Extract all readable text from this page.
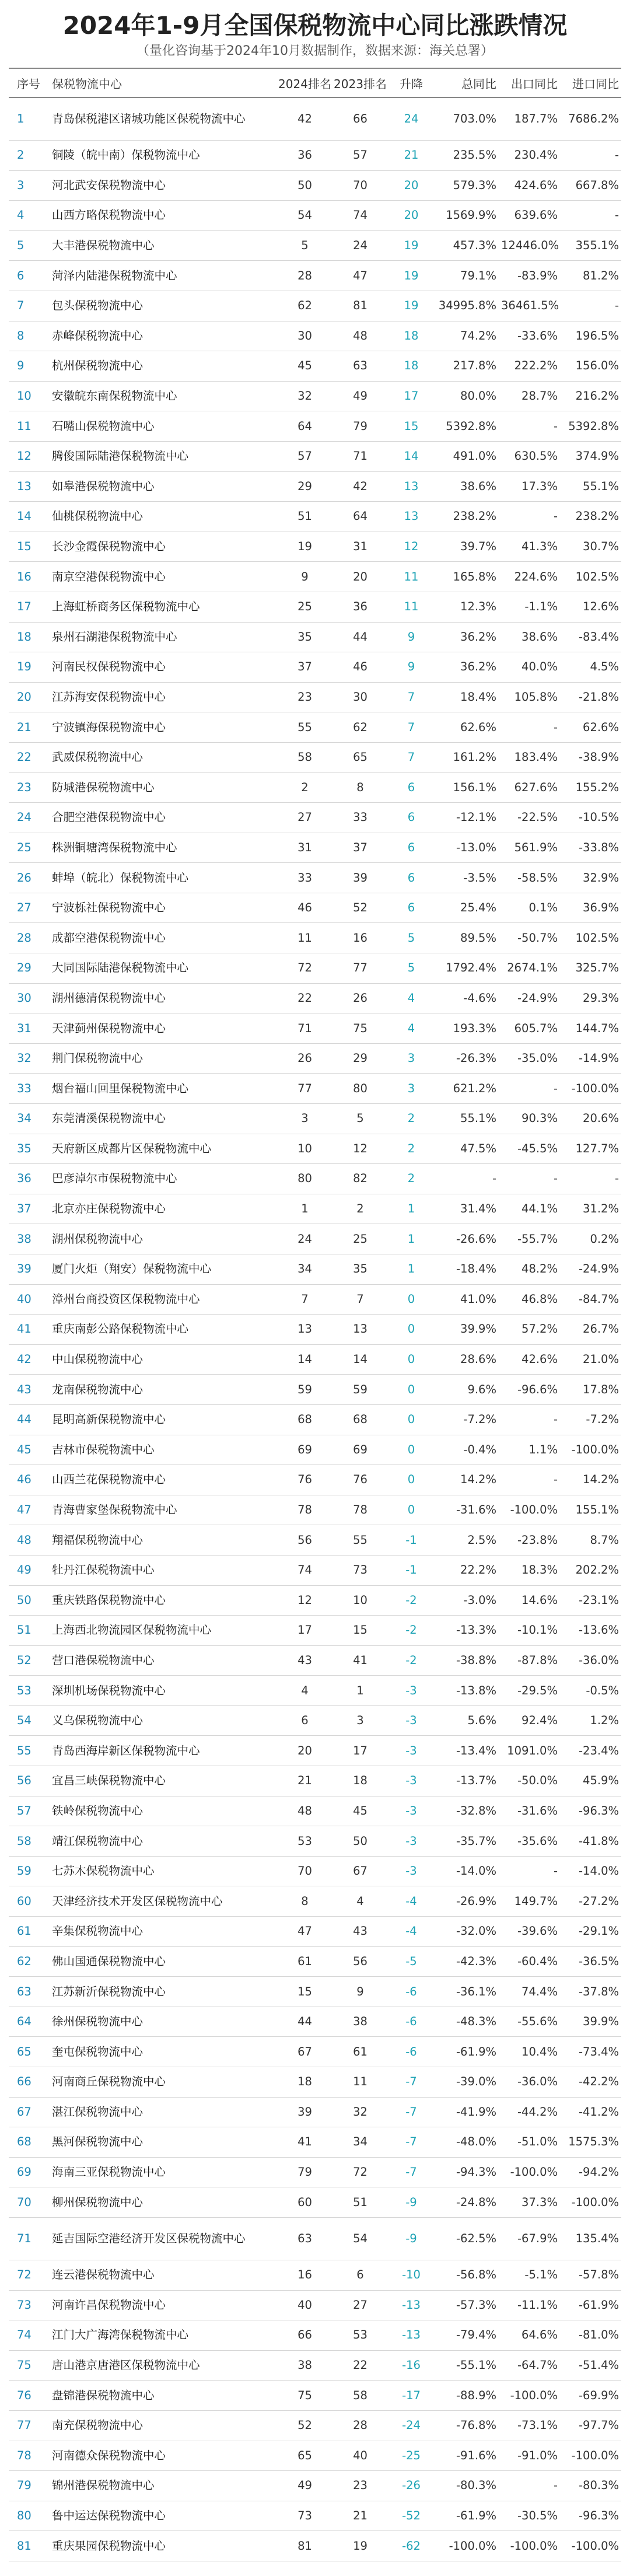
2024年1-9月全国保税物流中心同比涨跌情况
（量化咨询基于2024年10月数据制作，数据来源：海关总署）
序号	保税物流中心	2024排名	2023排名	升降	总同比	出口同比	进口同比
1	青岛保税港区诸城功能区保税物流中心	42	66	24	703.0%	187.7%	7686.2%
2	铜陵（皖中南）保税物流中心	36	57	21	235.5%	230.4%	-
3	河北武安保税物流中心	50	70	20	579.3%	424.6%	667.8%
4	山西方略保税物流中心	54	74	20	1569.9%	639.6%	-
5	大丰港保税物流中心	5	24	19	457.3%	12446.0%	355.1%
6	菏泽内陆港保税物流中心	28	47	19	79.1%	-83.9%	81.2%
7	包头保税物流中心	62	81	19	34995.8%	36461.5%	-
8	赤峰保税物流中心	30	48	18	74.2%	-33.6%	196.5%
9	杭州保税物流中心	45	63	18	217.8%	222.2%	156.0%
10	安徽皖东南保税物流中心	32	49	17	80.0%	28.7%	216.2%
11	石嘴山保税物流中心	64	79	15	5392.8%	-	5392.8%
12	腾俊国际陆港保税物流中心	57	71	14	491.0%	630.5%	374.9%
13	如皋港保税物流中心	29	42	13	38.6%	17.3%	55.1%
14	仙桃保税物流中心	51	64	13	238.2%	-	238.2%
15	长沙金霞保税物流中心	19	31	12	39.7%	41.3%	30.7%
16	南京空港保税物流中心	9	20	11	165.8%	224.6%	102.5%
17	上海虹桥商务区保税物流中心	25	36	11	12.3%	-1.1%	12.6%
18	泉州石湖港保税物流中心	35	44	9	36.2%	38.6%	-83.4%
19	河南民权保税物流中心	37	46	9	36.2%	40.0%	4.5%
20	江苏海安保税物流中心	23	30	7	18.4%	105.8%	-21.8%
21	宁波镇海保税物流中心	55	62	7	62.6%	-	62.6%
22	武威保税物流中心	58	65	7	161.2%	183.4%	-38.9%
23	防城港保税物流中心	2	8	6	156.1%	627.6%	155.2%
24	合肥空港保税物流中心	27	33	6	-12.1%	-22.5%	-10.5%
25	株洲铜塘湾保税物流中心	31	37	6	-13.0%	561.9%	-33.8%
26	蚌埠（皖北）保税物流中心	33	39	6	-3.5%	-58.5%	32.9%
27	宁波栎社保税物流中心	46	52	6	25.4%	0.1%	36.9%
28	成都空港保税物流中心	11	16	5	89.5%	-50.7%	102.5%
29	大同国际陆港保税物流中心	72	77	5	1792.4%	2674.1%	325.7%
30	湖州德清保税物流中心	22	26	4	-4.6%	-24.9%	29.3%
31	天津蓟州保税物流中心	71	75	4	193.3%	605.7%	144.7%
32	荆门保税物流中心	26	29	3	-26.3%	-35.0%	-14.9%
33	烟台福山回里保税物流中心	77	80	3	621.2%	-	-100.0%
34	东莞清溪保税物流中心	3	5	2	55.1%	90.3%	20.6%
35	天府新区成都片区保税物流中心	10	12	2	47.5%	-45.5%	127.7%
36	巴彦淖尔市保税物流中心	80	82	2	-	-	-
37	北京亦庄保税物流中心	1	2	1	31.4%	44.1%	31.2%
38	湖州保税物流中心	24	25	1	-26.6%	-55.7%	0.2%
39	厦门火炬（翔安）保税物流中心	34	35	1	-18.4%	48.2%	-24.9%
40	漳州台商投资区保税物流中心	7	7	0	41.0%	46.8%	-84.7%
41	重庆南彭公路保税物流中心	13	13	0	39.9%	57.2%	26.7%
42	中山保税物流中心	14	14	0	28.6%	42.6%	21.0%
43	龙南保税物流中心	59	59	0	9.6%	-96.6%	17.8%
44	昆明高新保税物流中心	68	68	0	-7.2%	-	-7.2%
45	吉林市保税物流中心	69	69	0	-0.4%	1.1%	-100.0%
46	山西兰花保税物流中心	76	76	0	14.2%	-	14.2%
47	青海曹家堡保税物流中心	78	78	0	-31.6%	-100.0%	155.1%
48	翔福保税物流中心	56	55	-1	2.5%	-23.8%	8.7%
49	牡丹江保税物流中心	74	73	-1	22.2%	18.3%	202.2%
50	重庆铁路保税物流中心	12	10	-2	-3.0%	14.6%	-23.1%
51	上海西北物流园区保税物流中心	17	15	-2	-13.3%	-10.1%	-13.6%
52	营口港保税物流中心	43	41	-2	-38.8%	-87.8%	-36.0%
53	深圳机场保税物流中心	4	1	-3	-13.8%	-29.5%	-0.5%
54	义乌保税物流中心	6	3	-3	5.6%	92.4%	1.2%
55	青岛西海岸新区保税物流中心	20	17	-3	-13.4%	1091.0%	-23.4%
56	宜昌三峡保税物流中心	21	18	-3	-13.7%	-50.0%	45.9%
57	铁岭保税物流中心	48	45	-3	-32.8%	-31.6%	-96.3%
58	靖江保税物流中心	53	50	-3	-35.7%	-35.6%	-41.8%
59	七苏木保税物流中心	70	67	-3	-14.0%	-	-14.0%
60	天津经济技术开发区保税物流中心	8	4	-4	-26.9%	149.7%	-27.2%
61	辛集保税物流中心	47	43	-4	-32.0%	-39.6%	-29.1%
62	佛山国通保税物流中心	61	56	-5	-42.3%	-60.4%	-36.5%
63	江苏新沂保税物流中心	15	9	-6	-36.1%	74.4%	-37.8%
64	徐州保税物流中心	44	38	-6	-48.3%	-55.6%	39.9%
65	奎屯保税物流中心	67	61	-6	-61.9%	10.4%	-73.4%
66	河南商丘保税物流中心	18	11	-7	-39.0%	-36.0%	-42.2%
67	湛江保税物流中心	39	32	-7	-41.9%	-44.2%	-41.2%
68	黑河保税物流中心	41	34	-7	-48.0%	-51.0%	1575.3%
69	海南三亚保税物流中心	79	72	-7	-94.3%	-100.0%	-94.2%
70	柳州保税物流中心	60	51	-9	-24.8%	37.3%	-100.0%
71	延吉国际空港经济开发区保税物流中心	63	54	-9	-62.5%	-67.9%	135.4%
72	连云港保税物流中心	16	6	-10	-56.8%	-5.1%	-57.8%
73	河南许昌保税物流中心	40	27	-13	-57.3%	-11.1%	-61.9%
74	江门大广海湾保税物流中心	66	53	-13	-79.4%	64.6%	-81.0%
75	唐山港京唐港区保税物流中心	38	22	-16	-55.1%	-64.7%	-51.4%
76	盘锦港保税物流中心	75	58	-17	-88.9%	-100.0%	-69.9%
77	南充保税物流中心	52	28	-24	-76.8%	-73.1%	-97.7%
78	河南德众保税物流中心	65	40	-25	-91.6%	-91.0%	-100.0%
79	锦州港保税物流中心	49	23	-26	-80.3%	-	-80.3%
80	鲁中运达保税物流中心	73	21	-52	-61.9%	-30.5%	-96.3%
81	重庆果园保税物流中心	81	19	-62	-100.0%	-100.0%	-100.0%
